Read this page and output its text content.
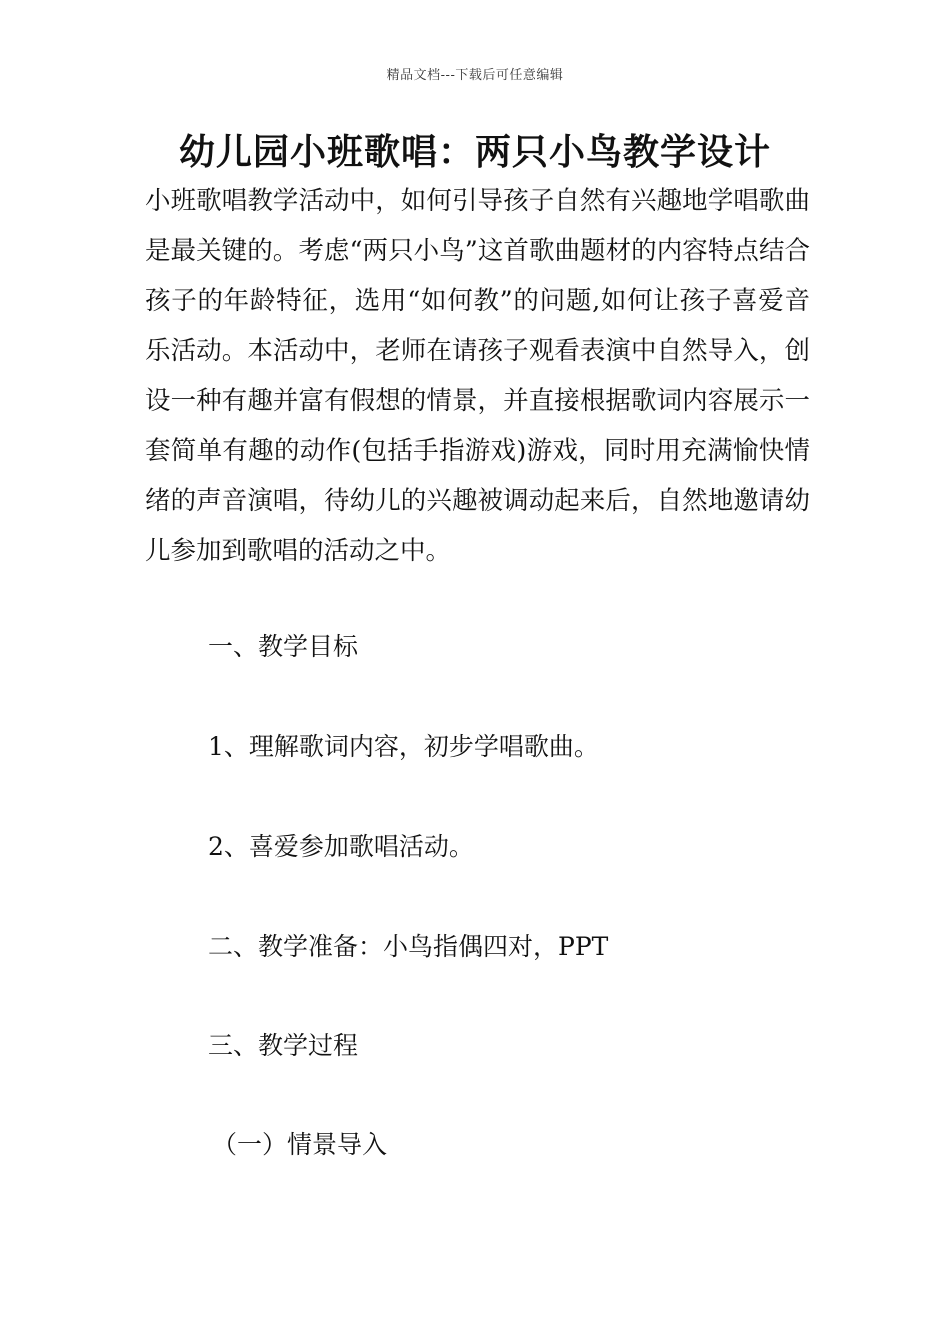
精品文档---下载后可任意编辑
幼儿园小班歌唱：两只小鸟教学设计

小班歌唱教学活动中，如何引导孩子自然有兴趣地学唱歌曲是最关键的。考虑“两只小鸟”这首歌曲题材的内容特点结合孩子的年龄特征，选用“如何教”的问题,如何让孩子喜爱音乐活动。本活动中，老师在请孩子观看表演中自然导入，创设一种有趣并富有假想的情景，并直接根据歌词内容展示一套简单有趣的动作(包括手指游戏)游戏，同时用充满愉快情绪的声音演唱，待幼儿的兴趣被调动起来后，自然地邀请幼儿参加到歌唱的活动之中。

一、教学目标

1、理解歌词内容，初步学唱歌曲。

2、喜爱参加歌唱活动。

二、教学准备：小鸟指偶四对，PPT

三、教学过程

（一）情景导入
